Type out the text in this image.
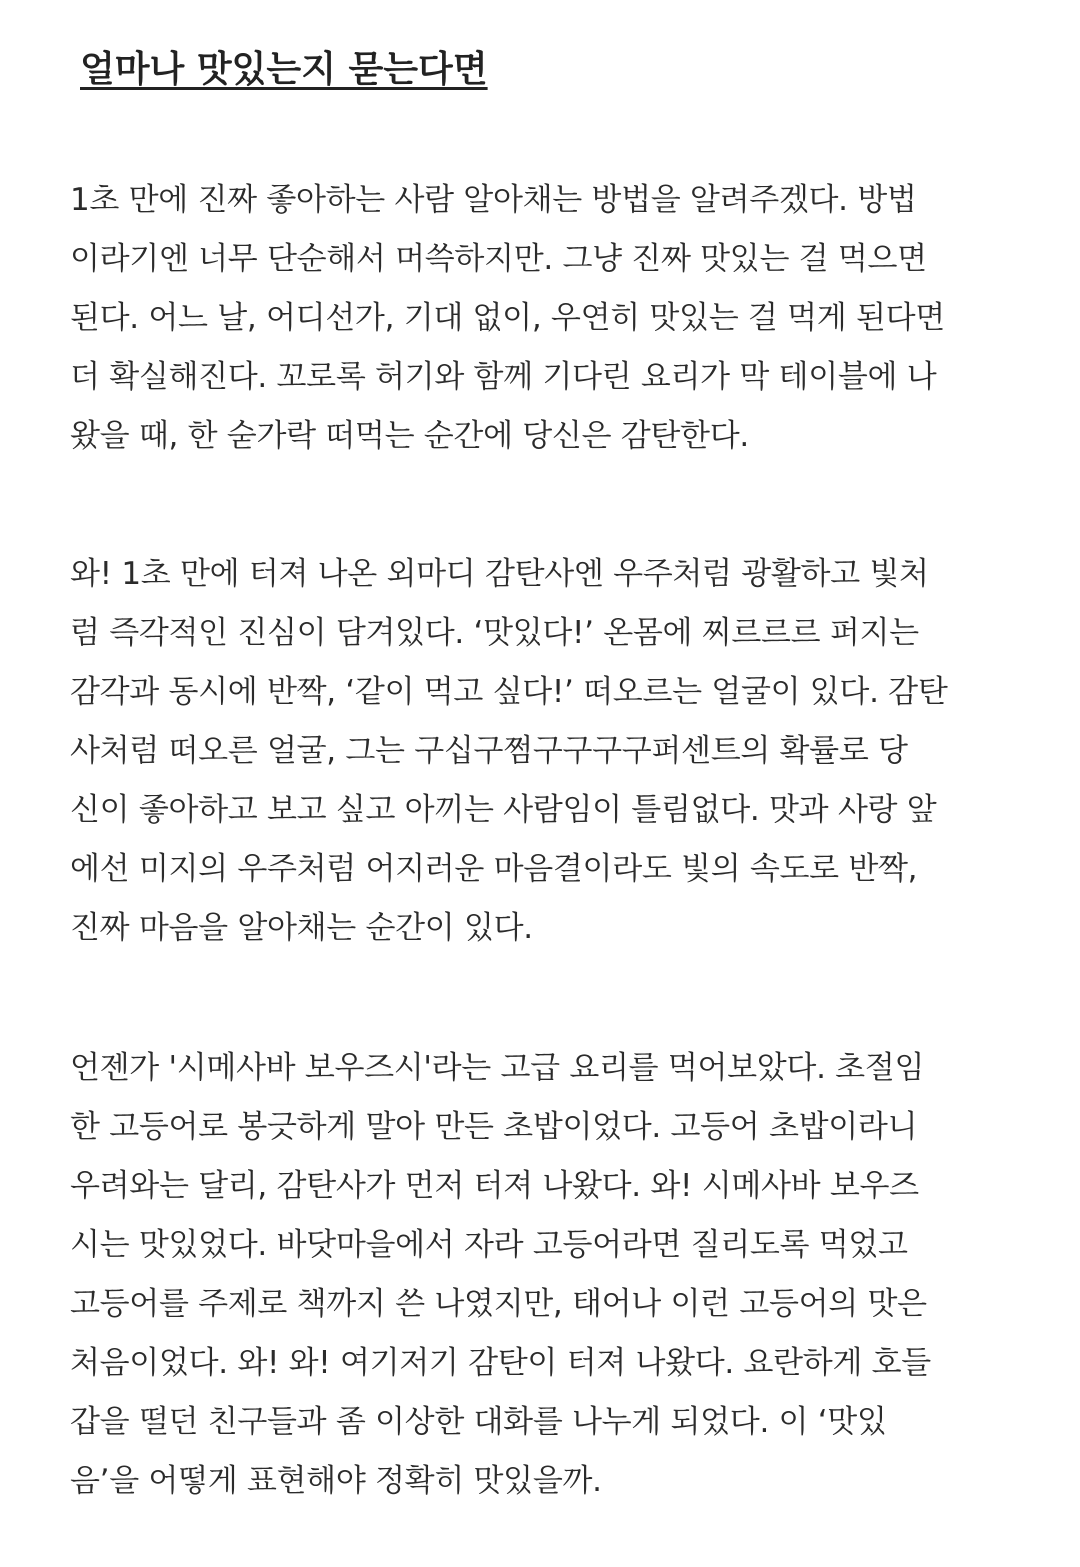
얼마나 맛있는지 묻는다면

1초 만에 진짜 좋아하는 사람 알아채는 방법을 알려주겠다. 방법
이라기엔 너무 단순해서 머쓱하지만. 그냥 진짜 맛있는 걸 먹으면
된다. 어느 날, 어디선가, 기대 없이, 우연히 맛있는 걸 먹게 된다면
더 확실해진다. 꼬로록 허기와 함께 기다린 요리가 막 테이블에 나
왔을 때, 한 숟가락 떠먹는 순간에 당신은 감탄한다.

와! 1초 만에 터져 나온 외마디 감탄사엔 우주처럼 광활하고 빛처
럼 즉각적인 진심이 담겨있다. ‘맛있다!’ 온몸에 찌르르르 퍼지는
감각과 동시에 반짝, ‘같이 먹고 싶다!’ 떠오르는 얼굴이 있다. 감탄
사처럼 떠오른 얼굴, 그는 구십구쩜구구구구퍼센트의 확률로 당
신이 좋아하고 보고 싶고 아끼는 사람임이 틀림없다. 맛과 사랑 앞
에선 미지의 우주처럼 어지러운 마음결이라도 빛의 속도로 반짝,
진짜 마음을 알아채는 순간이 있다.

언젠가 '시메사바 보우즈시'라는 고급 요리를 먹어보았다. 초절임
한 고등어로 봉긋하게 말아 만든 초밥이었다. 고등어 초밥이라니
우려와는 달리, 감탄사가 먼저 터져 나왔다. 와! 시메사바 보우즈
시는 맛있었다. 바닷마을에서 자라 고등어라면 질리도록 먹었고
고등어를 주제로 책까지 쓴 나였지만, 태어나 이런 고등어의 맛은
처음이었다. 와! 와! 여기저기 감탄이 터져 나왔다. 요란하게 호들
갑을 떨던 친구들과 좀 이상한 대화를 나누게 되었다. 이 ‘맛있
음’을 어떻게 표현해야 정확히 맛있을까.
